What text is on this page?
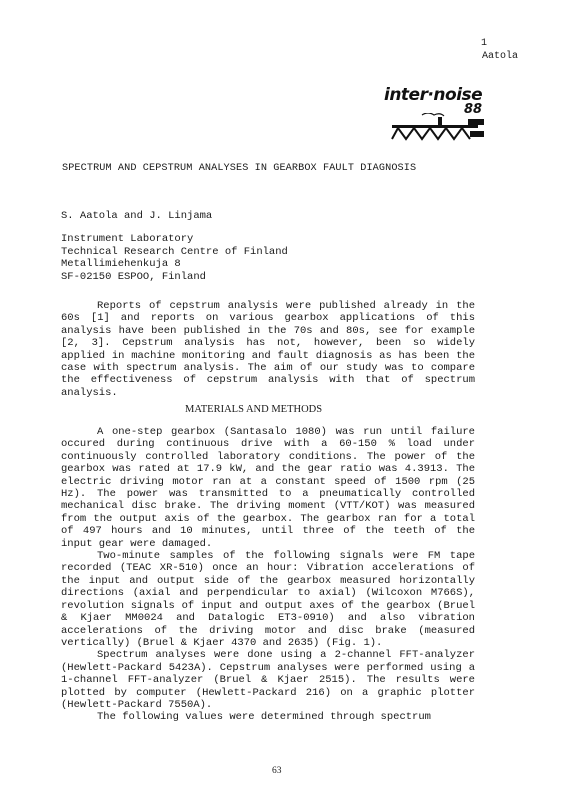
1
Aatola
inter·noise
88
SPECTRUM AND CEPSTRUM ANALYSES IN GEARBOX FAULT DIAGNOSIS
S. Aatola and J. Linjama
Instrument Laboratory
Technical Research Centre of Finland
Metallimiehenkuja 8
SF-02150 ESPOO, Finland

Reports of cepstrum analysis were published already in the 60s [1] and reports on various gearbox applications of this analysis have been published in the 70s and 80s, see for example [2, 3]. Cepstrum analysis has not, however, been so widely applied in machine monitoring and fault diagnosis as has been the case with spectrum analysis. The aim of our study was to compare the effectiveness of cepstrum analysis with that of spectrum analysis.

MATERIALS AND METHODS

A one-step gearbox (Santasalo 1080) was run until failure occured during continuous drive with a 60-150 % load under continuously controlled laboratory conditions. The power of the gearbox was rated at 17.9 kW, and the gear ratio was 4.3913. The electric driving motor ran at a constant speed of 1500 rpm (25 Hz). The power was transmitted to a pneumatically controlled mechanical disc brake. The driving moment (VTT/KOT) was measured from the output axis of the gearbox. The gearbox ran for a total of 497 hours and 10 minutes, until three of the teeth of the input gear were damaged.

Two-minute samples of the following signals were FM tape recorded (TEAC XR-510) once an hour: Vibration accelerations of the input and output side of the gearbox measured horizontally directions (axial and perpendicular to axial) (Wilcoxon M766S), revolution signals of input and output axes of the gearbox (Bruel & Kjaer MM0024 and Datalogic ET3-0910) and also vibration accelerations of the driving motor and disc brake (measured vertically) (Bruel & Kjaer 4370 and 2635) (Fig. 1).

Spectrum analyses were done using a 2-channel FFT-analyzer (Hewlett-Packard 5423A). Cepstrum analyses were performed using a 1-channel FFT-analyzer (Bruel & Kjaer 2515). The results were plotted by computer (Hewlett-Packard 216) on a graphic plotter (Hewlett-Packard 7550A).

The following values were determined through spectrum

63
